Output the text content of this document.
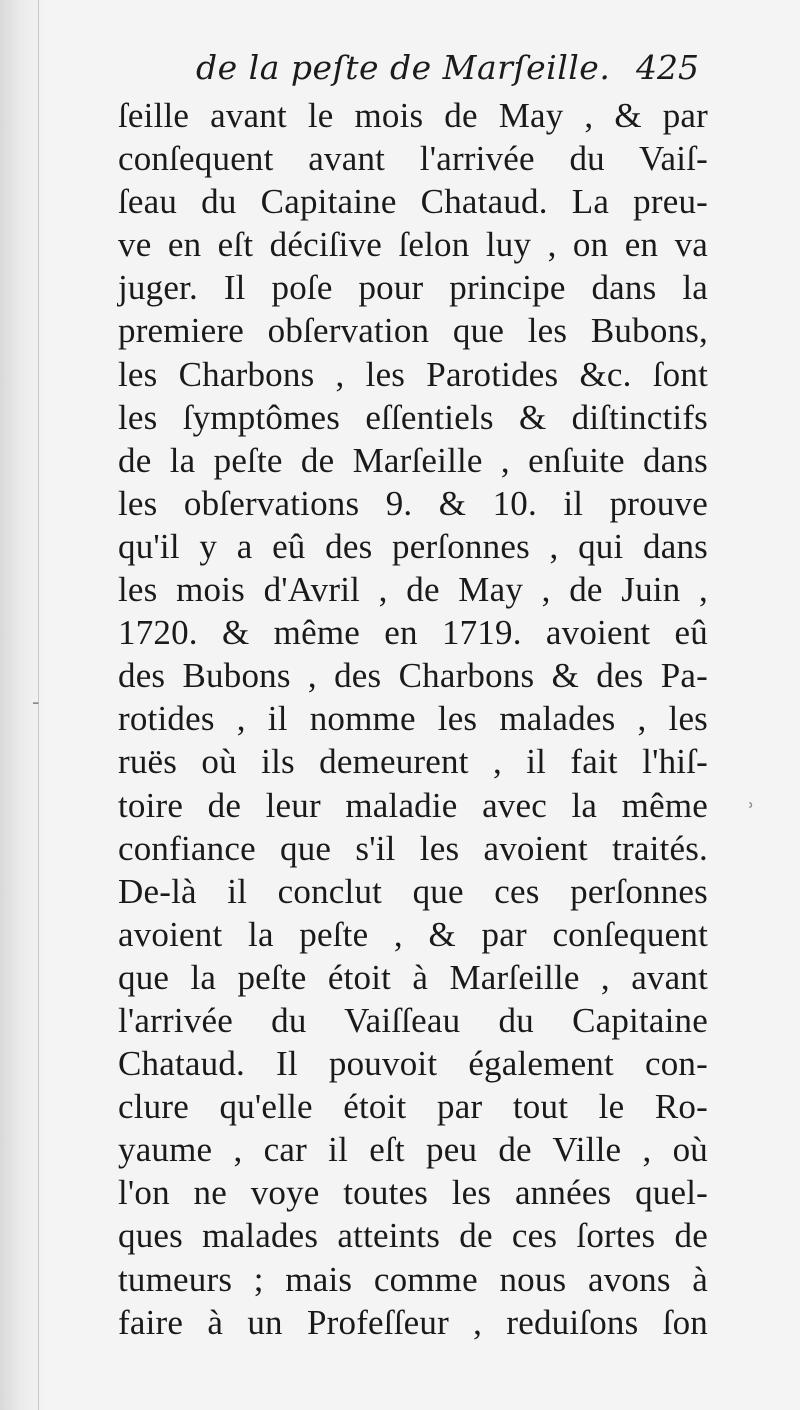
de la peſte de Marſeille. 425
ſeille avant le mois de May , & par
conſequent avant l'arrivée du Vaiſ-
ſeau du Capitaine Chataud. La preu-
ve en eſt déciſive ſelon luy , on en va
juger. Il poſe pour principe dans la
premiere obſervation que les Bubons,
les Charbons , les Parotides &c. ſont
les ſymptômes eſſentiels & diſtinctifs
de la peſte de Marſeille , enſuite dans
les obſervations 9. & 10. il prouve
qu'il y a eû des perſonnes , qui dans
les mois d'Avril , de May , de Juin ,
1720. & même en 1719. avoient eû
des Bubons , des Charbons & des Pa-
rotides , il nomme les malades , les
ruës où ils demeurent , il fait l'hiſ-
toire de leur maladie avec la même
confiance que s'il les avoient traités.
De-là il conclut que ces perſonnes
avoient la peſte , & par conſequent
que la peſte étoit à Marſeille , avant
l'arrivée du Vaiſſeau du Capitaine
Chataud. Il pouvoit également con-
clure qu'elle étoit par tout le Ro-
yaume , car il eſt peu de Ville , où
l'on ne voye toutes les années quel-
ques malades atteints de ces ſortes de
tumeurs ; mais comme nous avons à
faire à un Profeſſeur , reduiſons ſon
ʾ
‐
